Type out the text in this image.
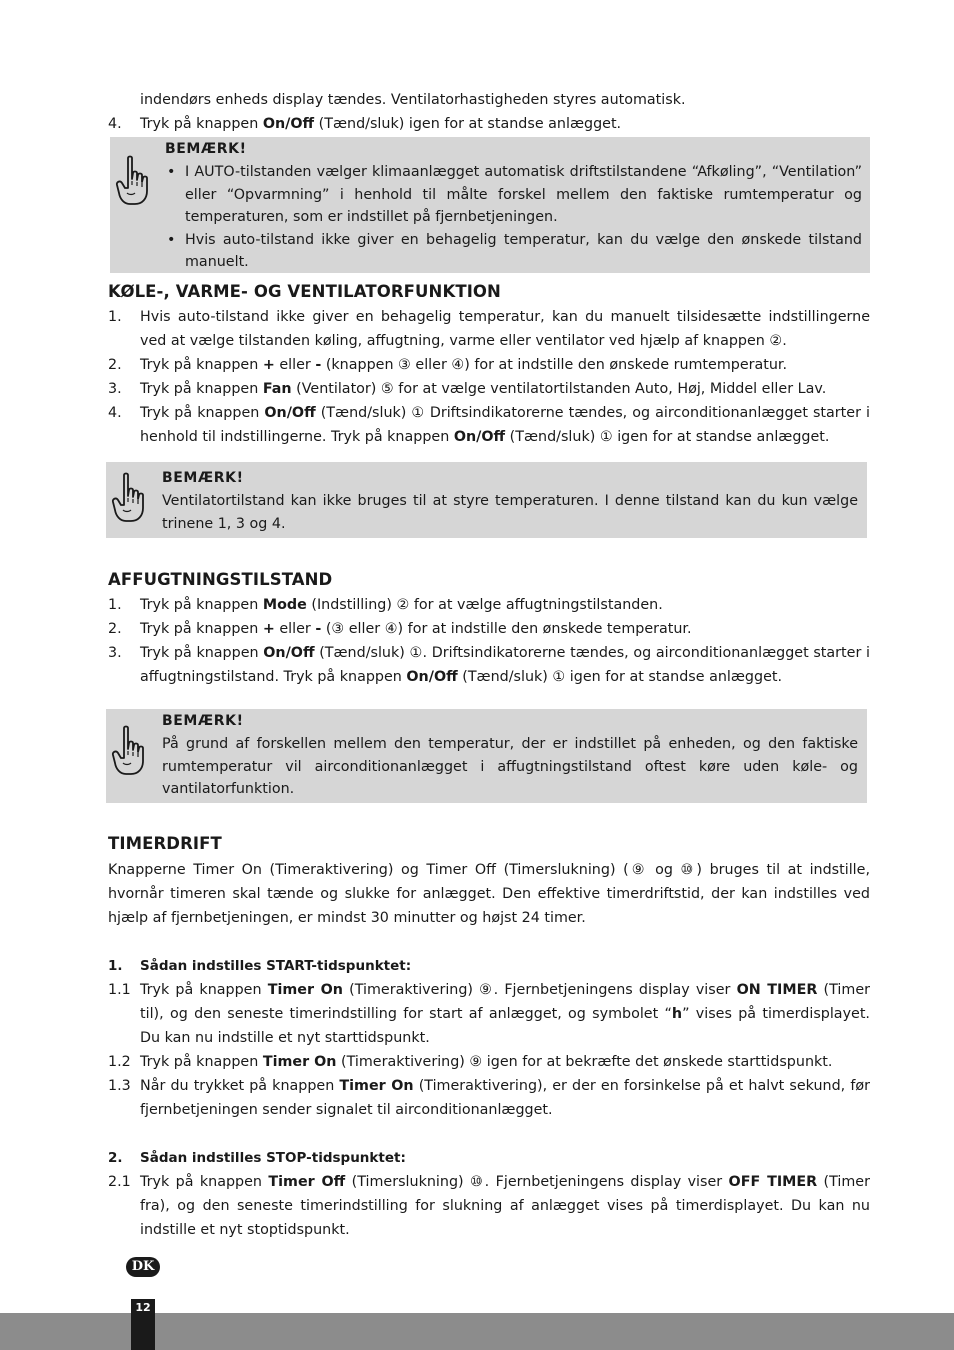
indendørs enheds display tændes. Ventilatorhastigheden styres automatisk.
4.	Tryk på knappen On/Off (Tænd/sluk) igen for at standse anlægget.
BEMÆRK!
• I AUTO-tilstanden vælger klimaanlægget automatisk driftstilstandene “Afkøling”, “Ventilation” eller “Opvarmning” i henhold til målte forskel mellem den faktiske rumtemperatur og temperaturen, som er indstillet på fjernbetjeningen.
• Hvis auto-tilstand ikke giver en behagelig temperatur, kan du vælge den ønskede tilstand manuelt.
KØLE-, VARME- OG VENTILATORFUNKTION
1.	Hvis auto-tilstand ikke giver en behagelig temperatur, kan du manuelt tilsidesætte indstillingerne ved at vælge tilstanden køling, affugtning, varme eller ventilator ved hjælp af knappen ②.
2.	Tryk på knappen + eller - (knappen ③ eller ④) for at indstille den ønskede rumtemperatur.
3.	Tryk på knappen Fan (Ventilator) ⑤ for at vælge ventilatortilstanden Auto, Høj, Middel eller Lav.
4.	Tryk på knappen On/Off (Tænd/sluk) ① Driftsindikatorerne tændes, og airconditionanlægget starter i henhold til indstillingerne. Tryk på knappen On/Off (Tænd/sluk) ① igen for at standse anlægget.
BEMÆRK!
Ventilatortilstand kan ikke bruges til at styre temperaturen. I denne tilstand kan du kun vælge trinene 1, 3 og 4.
AFFUGTNINGSTILSTAND
1.	Tryk på knappen Mode (Indstilling) ② for at vælge affugtningstilstanden.
2.	Tryk på knappen + eller - (③ eller ④) for at indstille den ønskede temperatur.
3.	Tryk på knappen On/Off (Tænd/sluk) ①. Driftsindikatorerne tændes, og airconditionanlægget starter i affugtningstilstand. Tryk på knappen On/Off (Tænd/sluk) ① igen for at standse anlægget.
BEMÆRK!
På grund af forskellen mellem den temperatur, der er indstillet på enheden, og den faktiske rumtemperatur vil airconditionanlægget i affugtningstilstand oftest køre uden køle- og vantilatorfunktion.
TIMERDRIFT
Knapperne Timer On (Timeraktivering) og Timer Off (Timerslukning) (⑨ og ⑩) bruges til at indstille, hvornår timeren skal tænde og slukke for anlægget. Den effektive timerdriftstid, der kan indstilles ved hjælp af fjernbetjeningen, er mindst 30 minutter og højst 24 timer.
1. Sådan indstilles START-tidspunktet:
1.1 Tryk på knappen Timer On (Timeraktivering) ⑨. Fjernbetjeningens display viser ON TIMER (Timer til), og den seneste timerindstilling for start af anlægget, og symbolet “h” vises på timerdisplayet. Du kan nu indstille et nyt starttidspunkt.
1.2 Tryk på knappen Timer On (Timeraktivering) ⑨ igen for at bekræfte det ønskede starttidspunkt.
1.3 Når du trykket på knappen Timer On (Timeraktivering), er der en forsinkelse på et halvt sekund, før fjernbetjeningen sender signalet til airconditionanlægget.
2. Sådan indstilles STOP-tidspunktet:
2.1 Tryk på knappen Timer Off (Timerslukning) ⑩. Fjernbetjeningens display viser OFF TIMER (Timer fra), og den seneste timerindstilling for slukning af anlægget vises på timerdisplayet. Du kan nu indstille et nyt stoptidspunkt.
DK
12
